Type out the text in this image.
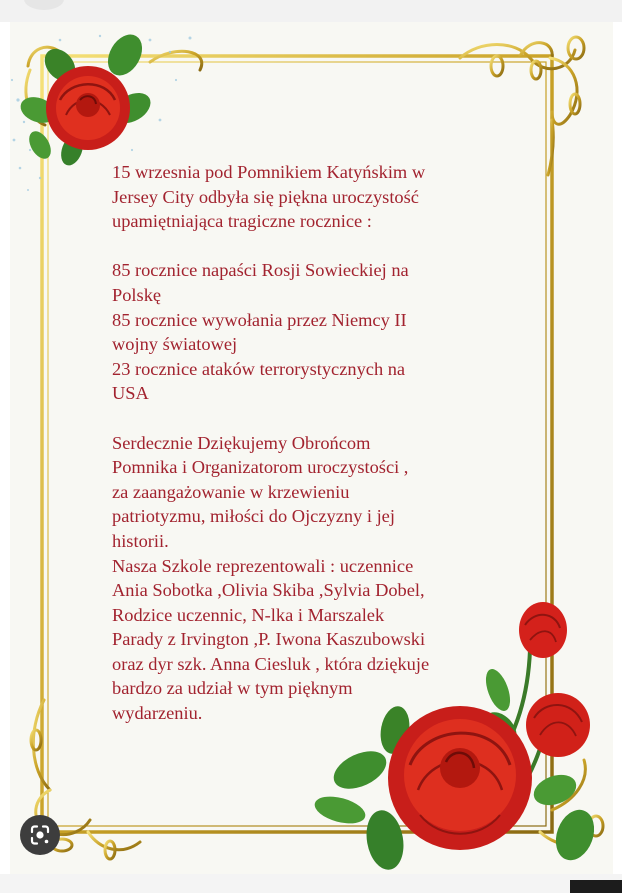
15 wrzesnia pod Pomnikiem Katyńskim w

Jersey City odbyła się piękna uroczystość

upamiętniająca tragiczne rocznice :

85 rocznice napaści Rosji Sowieckiej na

Polskę

85 rocznice wywołania przez Niemcy II

wojny światowej

23 rocznice ataków terrorystycznych na

USA

Serdecznie Dziękujemy Obrońcom

Pomnika i Organizatorom uroczystości ,

za zaangażowanie w krzewieniu

patriotyzmu, miłości do Ojczyzny i jej

historii.

Nasza Szkole reprezentowali : uczennice

Ania Sobotka ,Olivia Skiba ,Sylvia Dobel,

Rodzice uczennic, N-lka i Marszalek

Parady z Irvington ,P. Iwona Kaszubowski

oraz dyr szk. Anna Ciesluk , która dziękuje

bardzo za udział w tym pięknym

wydarzeniu.
